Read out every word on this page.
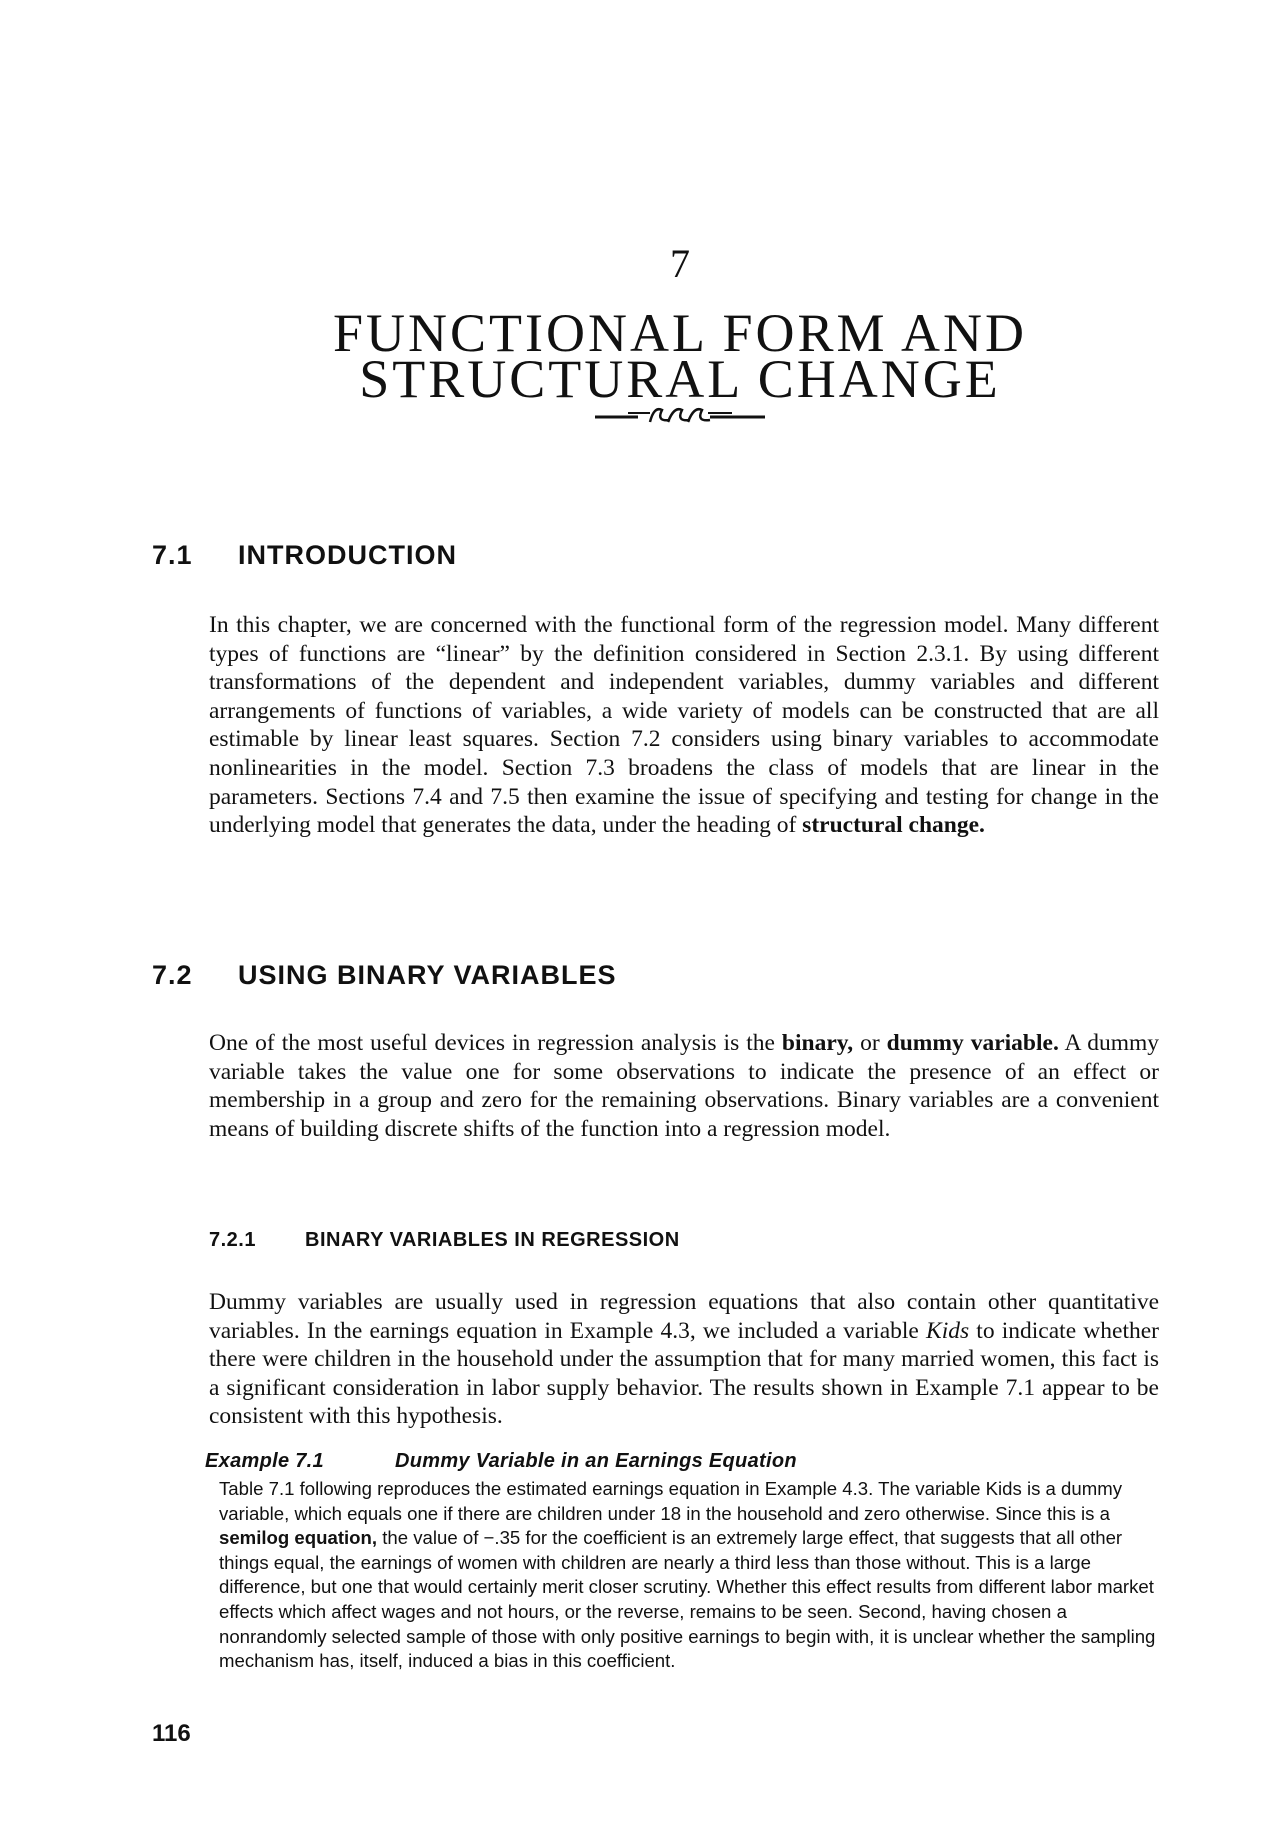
7
FUNCTIONAL FORM AND
STRUCTURAL CHANGE
7.1 INTRODUCTION
In this chapter, we are concerned with the functional form of the regression model. Many different types of functions are “linear” by the definition considered in Section 2.3.1. By using different transformations of the dependent and independent variables, dummy variables and different arrangements of functions of variables, a wide variety of models can be constructed that are all estimable by linear least squares. Section 7.2 considers using binary variables to accommodate nonlinearities in the model. Section 7.3 broadens the class of models that are linear in the parameters. Sections 7.4 and 7.5 then examine the issue of specifying and testing for change in the underlying model that generates the data, under the heading of structural change.
7.2 USING BINARY VARIABLES
One of the most useful devices in regression analysis is the binary, or dummy variable. A dummy variable takes the value one for some observations to indicate the presence of an effect or membership in a group and zero for the remaining observations. Binary variables are a convenient means of building discrete shifts of the function into a regression model.
7.2.1 BINARY VARIABLES IN REGRESSION
Dummy variables are usually used in regression equations that also contain other quantitative variables. In the earnings equation in Example 4.3, we included a variable Kids to indicate whether there were children in the household under the assumption that for many married women, this fact is a significant consideration in labor supply behavior. The results shown in Example 7.1 appear to be consistent with this hypothesis.
Example 7.1	Dummy Variable in an Earnings Equation
Table 7.1 following reproduces the estimated earnings equation in Example 4.3. The variable Kids is a dummy variable, which equals one if there are children under 18 in the household and zero otherwise. Since this is a semilog equation, the value of −.35 for the coefficient is an extremely large effect, that suggests that all other things equal, the earnings of women with children are nearly a third less than those without. This is a large difference, but one that would certainly merit closer scrutiny. Whether this effect results from different labor market effects which affect wages and not hours, or the reverse, remains to be seen. Second, having chosen a nonrandomly selected sample of those with only positive earnings to begin with, it is unclear whether the sampling mechanism has, itself, induced a bias in this coefficient.
116
